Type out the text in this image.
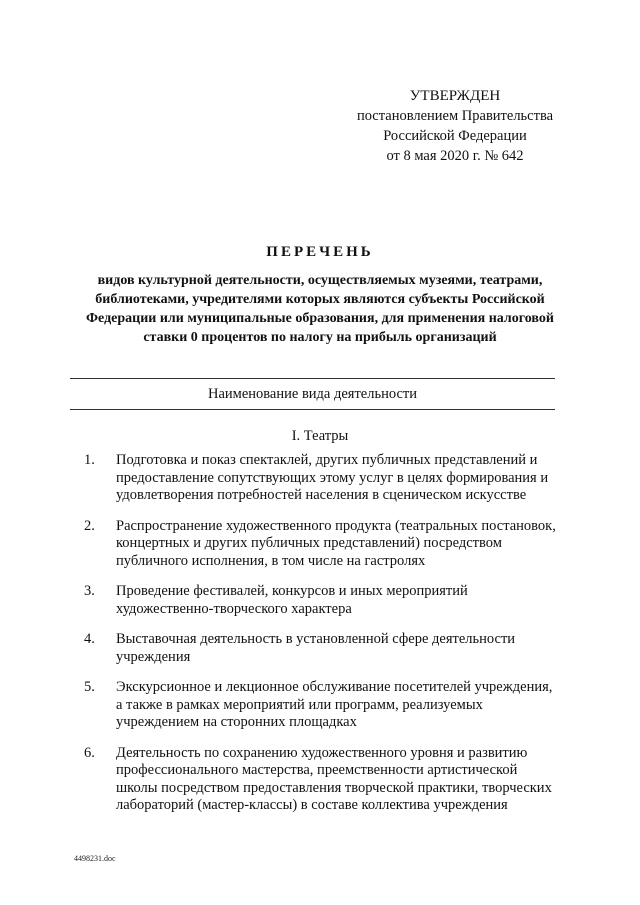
УТВЕРЖДЕН
постановлением Правительства
Российской Федерации
от 8 мая 2020 г. № 642
ПЕРЕЧЕНЬ
видов культурной деятельности, осуществляемых музеями, театрами, библиотеками, учредителями которых являются субъекты Российской Федерации или муниципальные образования, для применения налоговой ставки 0 процентов по налогу на прибыль организаций
Наименование вида деятельности
I. Театры
1.	Подготовка и показ спектаклей, других публичных представлений и предоставление сопутствующих этому услуг в целях формирования и удовлетворения потребностей населения в сценическом искусстве
2.	Распространение художественного продукта (театральных постановок, концертных и других публичных представлений) посредством публичного исполнения, в том числе на гастролях
3.	Проведение фестивалей, конкурсов и иных мероприятий художественно-творческого характера
4.	Выставочная деятельность в установленной сфере деятельности учреждения
5.	Экскурсионное и лекционное обслуживание посетителей учреждения, а также в рамках мероприятий или программ, реализуемых учреждением на сторонних площадках
6.	Деятельность по сохранению художественного уровня и развитию профессионального мастерства, преемственности артистической школы посредством предоставления творческой практики, творческих лабораторий (мастер-классы) в составе коллектива учреждения
4498231.doc
